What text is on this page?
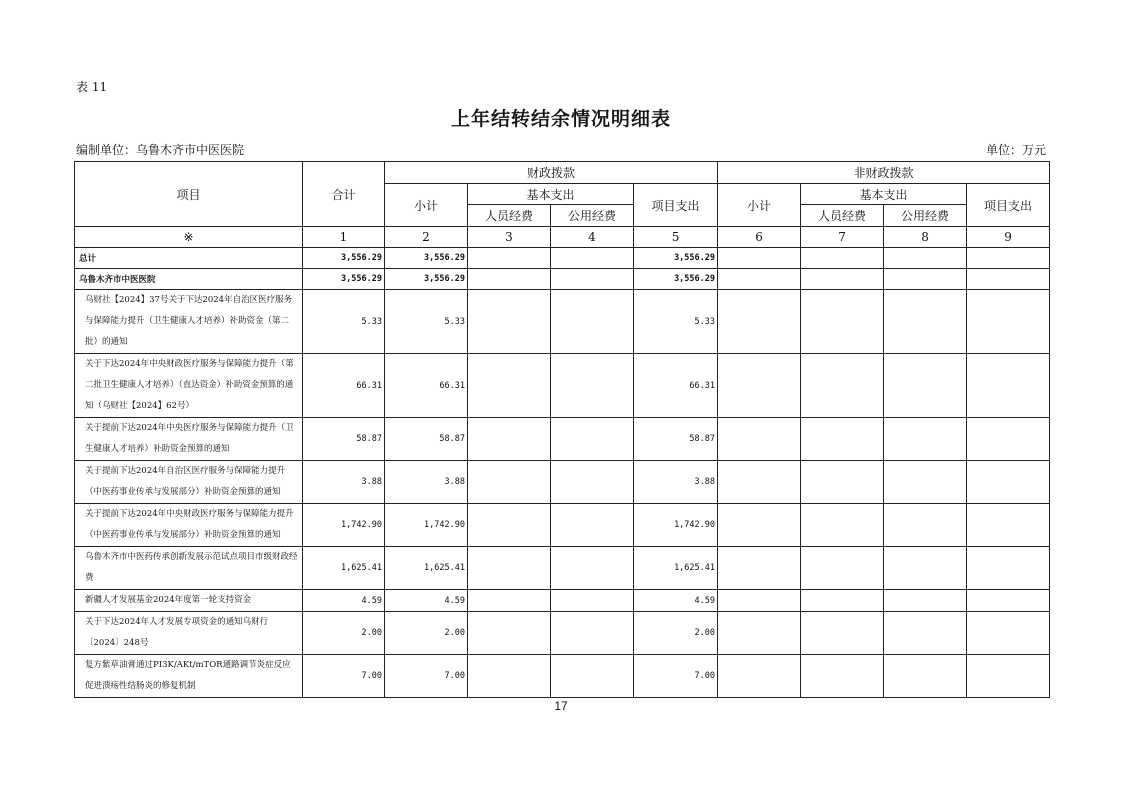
表 11
上年结转结余情况明细表
编制单位：乌鲁木齐市中医医院	单位：万元
项目	合计	财政拨款				非财政拨款			
		小计	基本支出		项目支出	小计	基本支出		项目支出
			人员经费	公用经费			人员经费	公用经费	
※	1	2	3	4	5	6	7	8	9
总计	3,556.29	3,556.29			3,556.29				
乌鲁木齐市中医医院	3,556.29	3,556.29			3,556.29				
乌财社【2024】37号关于下达2024年自治区医疗服务与保障能力提升（卫生健康人才培养）补助资金（第二批）的通知	5.33	5.33			5.33				
关于下达2024年中央财政医疗服务与保障能力提升（第二批卫生健康人才培养）（直达资金）补助资金预算的通知（乌财社【2024】62号）	66.31	66.31			66.31				
关于提前下达2024年中央医疗服务与保障能力提升（卫生健康人才培养）补助资金预算的通知	58.87	58.87			58.87				
关于提前下达2024年自治区医疗服务与保障能力提升（中医药事业传承与发展部分）补助资金预算的通知	3.88	3.88			3.88				
关于提前下达2024年中央财政医疗服务与保障能力提升（中医药事业传承与发展部分）补助资金预算的通知	1,742.90	1,742.90			1,742.90				
乌鲁木齐市中医药传承创新发展示范试点项目市级财政经费	1,625.41	1,625.41			1,625.41				
新疆人才发展基金2024年度第一轮支持资金	4.59	4.59			4.59				
关于下达2024年人才发展专项资金的通知乌财行〔2024〕248号	2.00	2.00			2.00				
复方紫草油膏通过PI3K/AKt/mTOR通路调节炎症反应促进溃疡性结肠炎的修复机制	7.00	7.00			7.00				
17
